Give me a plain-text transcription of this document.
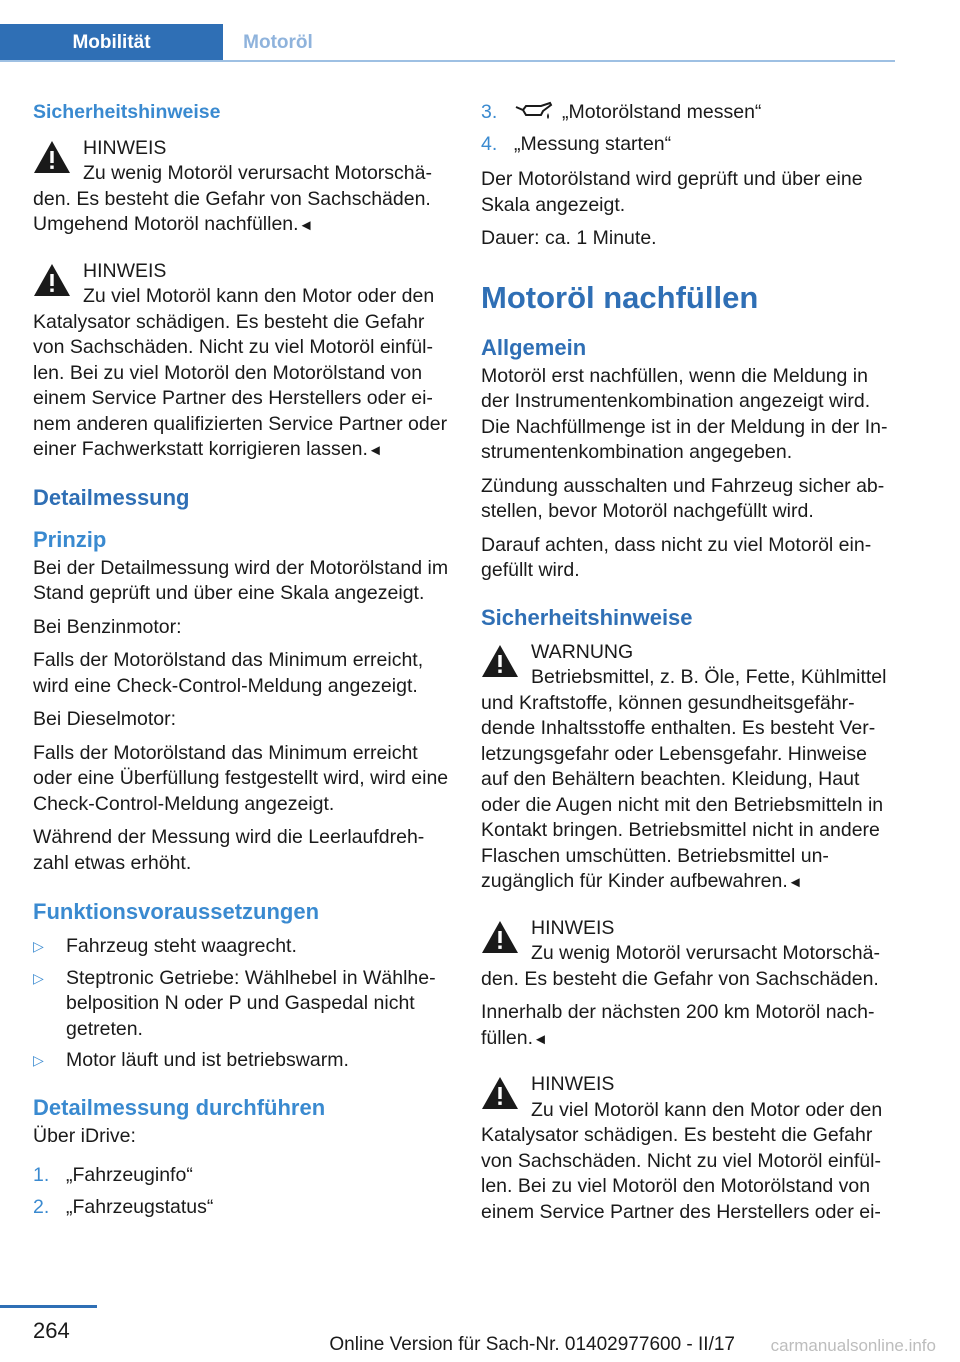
Mobilität	Motoröl
Sicherheitshinweise
HINWEIS
Zu wenig Motoröl verursacht Motorschä-
den. Es besteht die Gefahr von Sachschäden. Umgehend Motoröl nachfüllen.◄
HINWEIS
Zu viel Motoröl kann den Motor oder den
Katalysator schädigen. Es besteht die Gefahr von Sachschäden. Nicht zu viel Motoröl einfüllen. Bei zu viel Motoröl den Motorölstand von einem Service Partner des Herstellers oder einem anderen qualifizierten Service Partner oder einer Fachwerkstatt korrigieren lassen.◄
Detailmessung
Prinzip

Bei der Detailmessung wird der Motorölstand im Stand geprüft und über eine Skala angezeigt.

Bei Benzinmotor:

Falls der Motorölstand das Minimum erreicht, wird eine Check-Control-Meldung angezeigt.

Bei Dieselmotor:

Falls der Motorölstand das Minimum erreicht oder eine Überfüllung festgestellt wird, wird eine Check-Control-Meldung angezeigt.

Während der Messung wird die Leerlaufdrehzahl etwas erhöht.

Funktionsvoraussetzungen
▷ Fahrzeug steht waagrecht.
▷ Steptronic Getriebe: Wählhebel in Wählhebelposition N oder P und Gaspedal nicht getreten.
▷ Motor läuft und ist betriebswarm.
Detailmessung durchführen

Über iDrive:

1. „Fahrzeuginfo“
2. „Fahrzeugstatus“
3.	„Motorölstand messen“
4. „Messung starten“

Der Motorölstand wird geprüft und über eine Skala angezeigt.

Dauer: ca. 1 Minute.

Motoröl nachfüllen
Allgemein

Motoröl erst nachfüllen, wenn die Meldung in der Instrumentenkombination angezeigt wird. Die Nachfüllmenge ist in der Meldung in der Instrumentenkombination angegeben.

Zündung ausschalten und Fahrzeug sicher abstellen, bevor Motoröl nachgefüllt wird.

Darauf achten, dass nicht zu viel Motoröl eingefüllt wird.

Sicherheitshinweise
WARNUNG
Betriebsmittel, z. B. Öle, Fette, Kühlmittel
und Kraftstoffe, können gesundheitsgefährdende Inhaltsstoffe enthalten. Es besteht Verletzungsgefahr oder Lebensgefahr. Hinweise auf den Behältern beachten. Kleidung, Haut oder die Augen nicht mit den Betriebsmitteln in Kontakt bringen. Betriebsmittel nicht in andere Flaschen umschütten. Betriebsmittel unzugänglich für Kinder aufbewahren.◄
HINWEIS
Zu wenig Motoröl verursacht Motorschä-

den. Es besteht die Gefahr von Sachschäden.

Innerhalb der nächsten 200 km Motoröl nachfüllen.◄
HINWEIS
Zu viel Motoröl kann den Motor oder den
Katalysator schädigen. Es besteht die Gefahr von Sachschäden. Nicht zu viel Motoröl einfüllen. Bei zu viel Motoröl den Motorölstand von einem Service Partner des Herstellers oder ei-
264
Online Version für Sach-Nr. 01402977600 - II/17 carmanualsonline.info
